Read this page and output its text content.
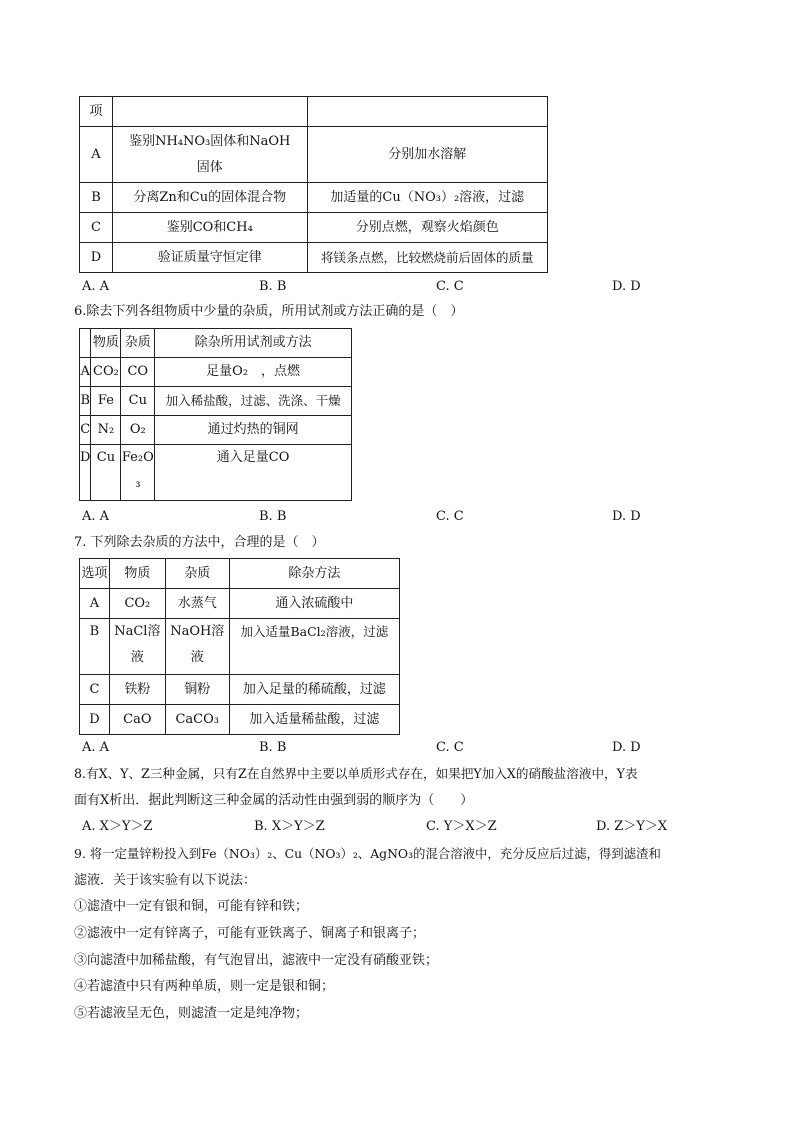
项		
A	鉴别NH₄NO₃固体和NaOH固体	分别加水溶解
B	分离Zn和Cu的固体混合物	加适量的Cu（NO₃）₂溶液，过滤
C	鉴别CO和CH₄	分别点燃，观察火焰颜色
D	验证质量守恒定律	将镁条点燃，比较燃烧前后固体的质量
A. A	B. B	C. C	D. D
6.除去下列各组物质中少量的杂质，所用试剂或方法正确的是（　）
	物质	杂质	除杂所用试剂或方法
A	CO₂	CO	足量O₂　，点燃
B	Fe	Cu	加入稀盐酸，过滤、洗涤、干燥
C	N₂	O₂	通过灼热的铜网
D	Cu	Fe₂O₃	通入足量CO
A. A	B. B	C. C	D. D
7. 下列除去杂质的方法中，合理的是（　）
选项	物质	杂质	除杂方法
A	CO₂	水蒸气	通入浓硫酸中
B	NaCl溶液	NaOH溶液	加入适量BaCl₂溶液，过滤
C	铁粉	铜粉	加入足量的稀硫酸，过滤
D	CaO	CaCO₃	加入适量稀盐酸，过滤
A. A	B. B	C. C	D. D
8.有X、Y、Z三种金属，只有Z在自然界中主要以单质形式存在，如果把Y加入X的硝酸盐溶液中，Y表
面有X析出．据此判断这三种金属的活动性由强到弱的顺序为（　　）
A. X＞Y＞Z	B. X＞Y＞Z	C. Y＞X＞Z	D. Z＞Y＞X
9. 将一定量锌粉投入到Fe（NO₃）₂、Cu（NO₃）₂、AgNO₃的混合溶液中，充分反应后过滤，得到滤渣和
滤液．关于该实验有以下说法：
①滤渣中一定有银和铜，可能有锌和铁；
②滤液中一定有锌离子，可能有亚铁离子、铜离子和银离子；
③向滤渣中加稀盐酸，有气泡冒出，滤液中一定没有硝酸亚铁；
④若滤渣中只有两种单质，则一定是银和铜；
⑤若滤液呈无色，则滤渣一定是纯净物；
